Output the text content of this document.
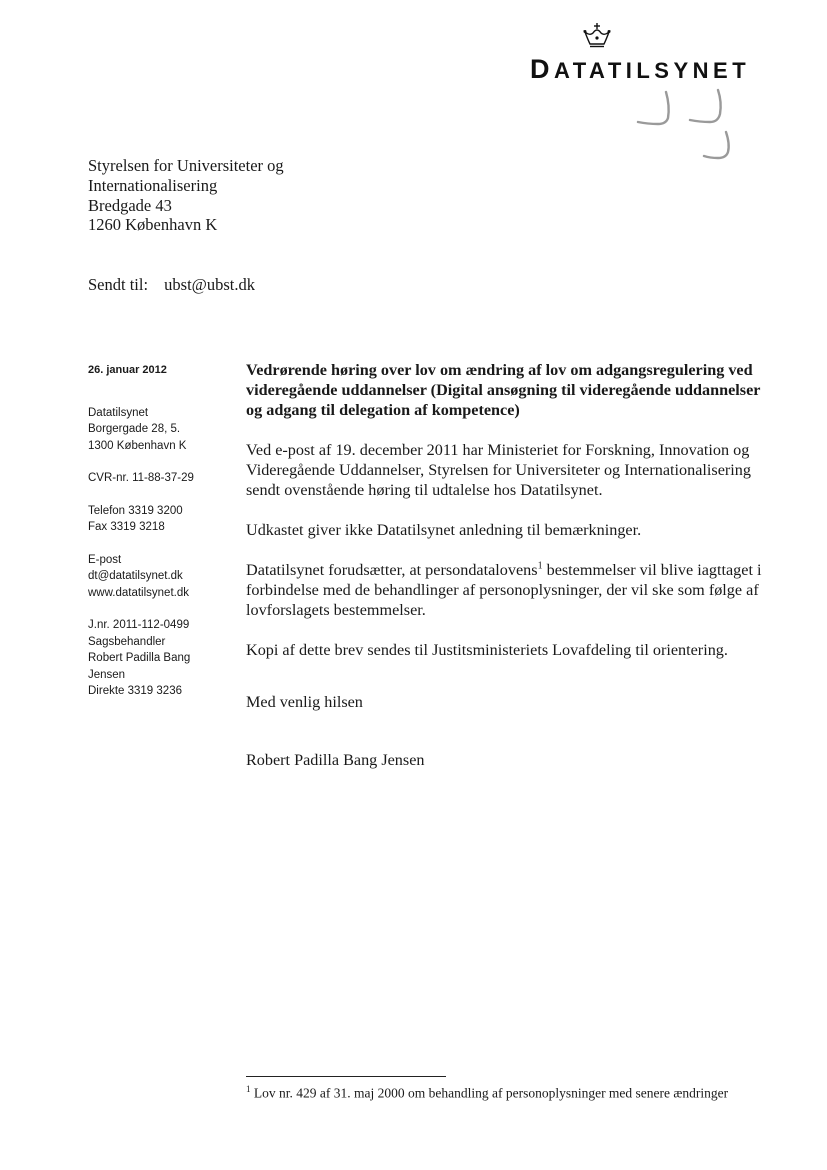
DATATILSYNET
Styrelsen for Universiteter og
Internationalisering
Bredgade 43
1260 København K
Sendt til: ubst@ubst.dk
26. januar 2012
Datatilsynet
Borgergade 28, 5.
1300 København K
CVR-nr. 11-88-37-29
Telefon 3319 3200
Fax 3319 3218
E-post
dt@datatilsynet.dk
www.datatilsynet.dk
J.nr. 2011-112-0499
Sagsbehandler
Robert Padilla Bang
Jensen
Direkte 3319 3236
Vedrørende høring over lov om ændring af lov om adgangsregulering ved videregående uddannelser (Digital ansøgning til videregående uddannelser og adgang til delegation af kompetence)

Ved e-post af 19. december 2011 har Ministeriet for Forskning, Innovation og Videregående Uddannelser, Styrelsen for Universiteter og Internationalisering sendt ovenstående høring til udtalelse hos Datatilsynet.

Udkastet giver ikke Datatilsynet anledning til bemærkninger.

Datatilsynet forudsætter, at persondatalovens$^1$ bestemmelser vil blive iagttaget i forbindelse med de behandlinger af personoplysninger, der vil ske som følge af lovforslagets bestemmelser.

Kopi af dette brev sendes til Justitsministeriets Lovafdeling til orientering.

Med venlig hilsen
Robert Padilla Bang Jensen
$^1$ Lov nr. 429 af 31. maj 2000 om behandling af personoplysninger med senere ændringer
